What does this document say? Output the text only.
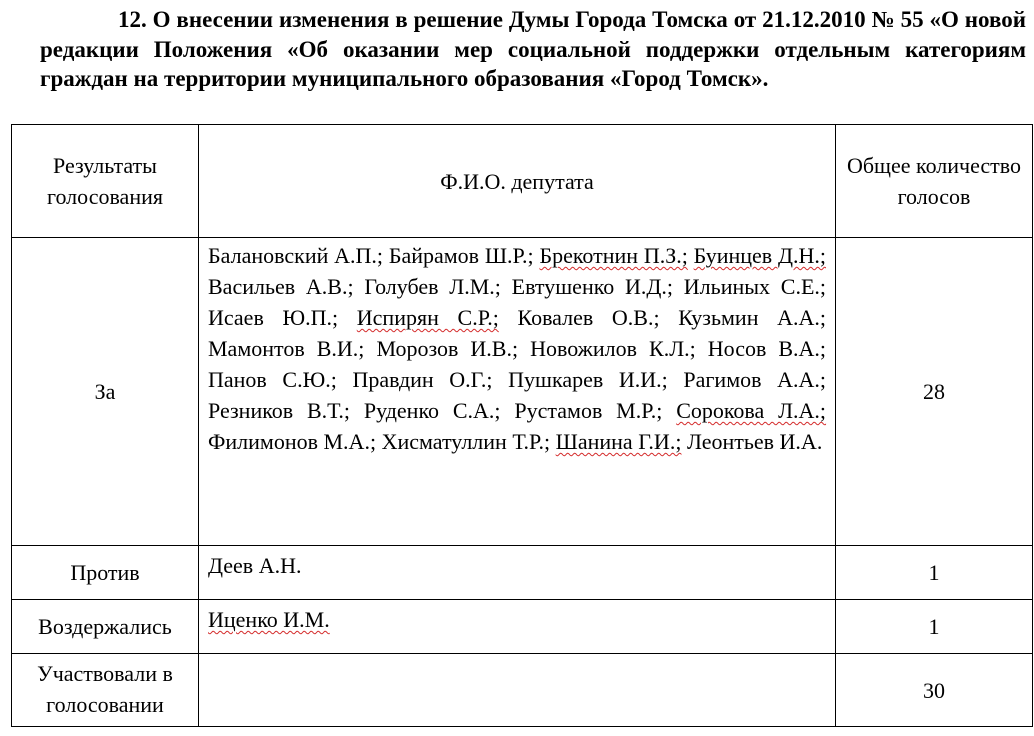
12. О внесении изменения в решение Думы Города Томска от 21.12.2010 № 55 «О новой редакции Положения «Об оказании мер социальной поддержки отдельным категориям граждан на территории муниципального образования «Город Томск».

Результаты голосования	Ф.И.О. депутата	Общее количество голосов
За	Балановский А.П.; Байрамов Ш.Р.; Брекотнин П.З.; Буинцев Д.Н.; Васильев А.В.; Голубев Л.М.; Евтушенко И.Д.; Ильиных С.Е.; Исаев Ю.П.; Испирян С.Р.; Ковалев О.В.; Кузьмин А.А.; Мамонтов В.И.; Морозов И.В.; Новожилов К.Л.; Носов В.А.; Панов С.Ю.; Правдин О.Г.; Пушкарев И.И.; Рагимов А.А.; Резников В.Т.; Руденко С.А.; Рустамов М.Р.; Сорокова Л.А.; Филимонов М.А.; Хисматуллин Т.Р.; Шанина Г.И.; Леонтьев И.А.	28
Против	Деев А.Н.	1
Воздержались	Иценко И.М.	1
Участвовали в голосовании		30
